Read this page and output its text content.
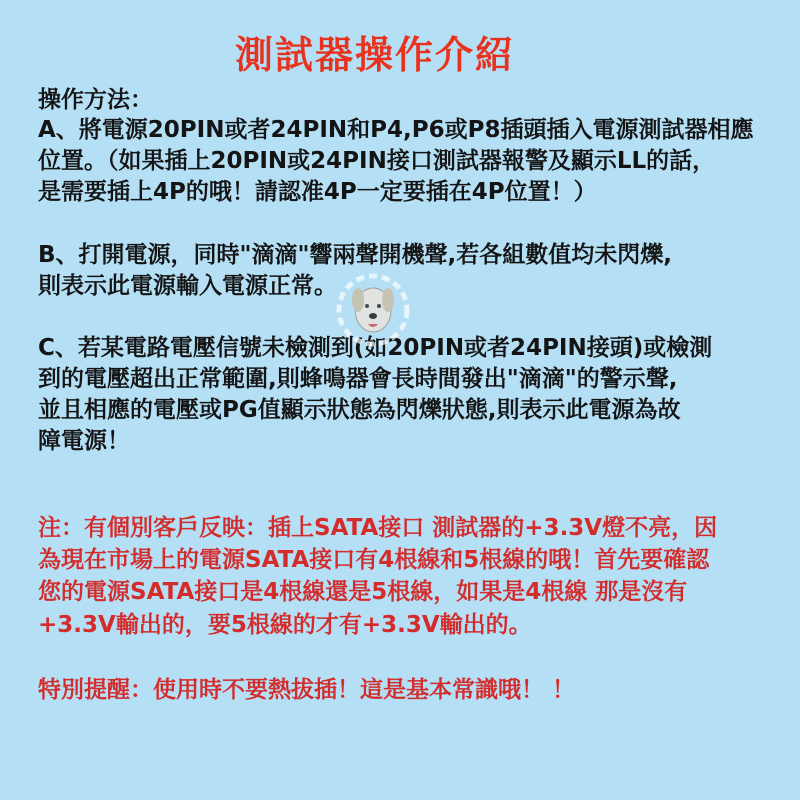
測試器操作介紹
操作方法：
A、將電源20PIN或者24PIN和P4,P6或P8插頭插入電源測試器相應
位置。（如果插上20PIN或24PIN接口測試器報警及顯示LL的話，
是需要插上4P的哦！請認准4P一定要插在4P位置！）
B、打開電源，同時"滴滴"響兩聲開機聲,若各組數值均未閃爍,
則表示此電源輸入電源正常。
C、若某電路電壓信號未檢測到(如20PIN或者24PIN接頭)或檢測
到的電壓超出正常範圍,則蜂鳴器會長時間發出"滴滴"的警示聲,
並且相應的電壓或PG值顯示狀態為閃爍狀態,則表示此電源為故
障電源！
注：有個別客戶反映：插上SATA接口 測試器的+3.3V燈不亮，因
為現在市場上的電源SATA接口有4根線和5根線的哦！首先要確認
您的電源SATA接口是4根線還是5根線，如果是4根線 那是沒有
+3.3V輸出的，要5根線的才有+3.3V輸出的。
特別提醒：使用時不要熱拔插！這是基本常識哦！ ！
